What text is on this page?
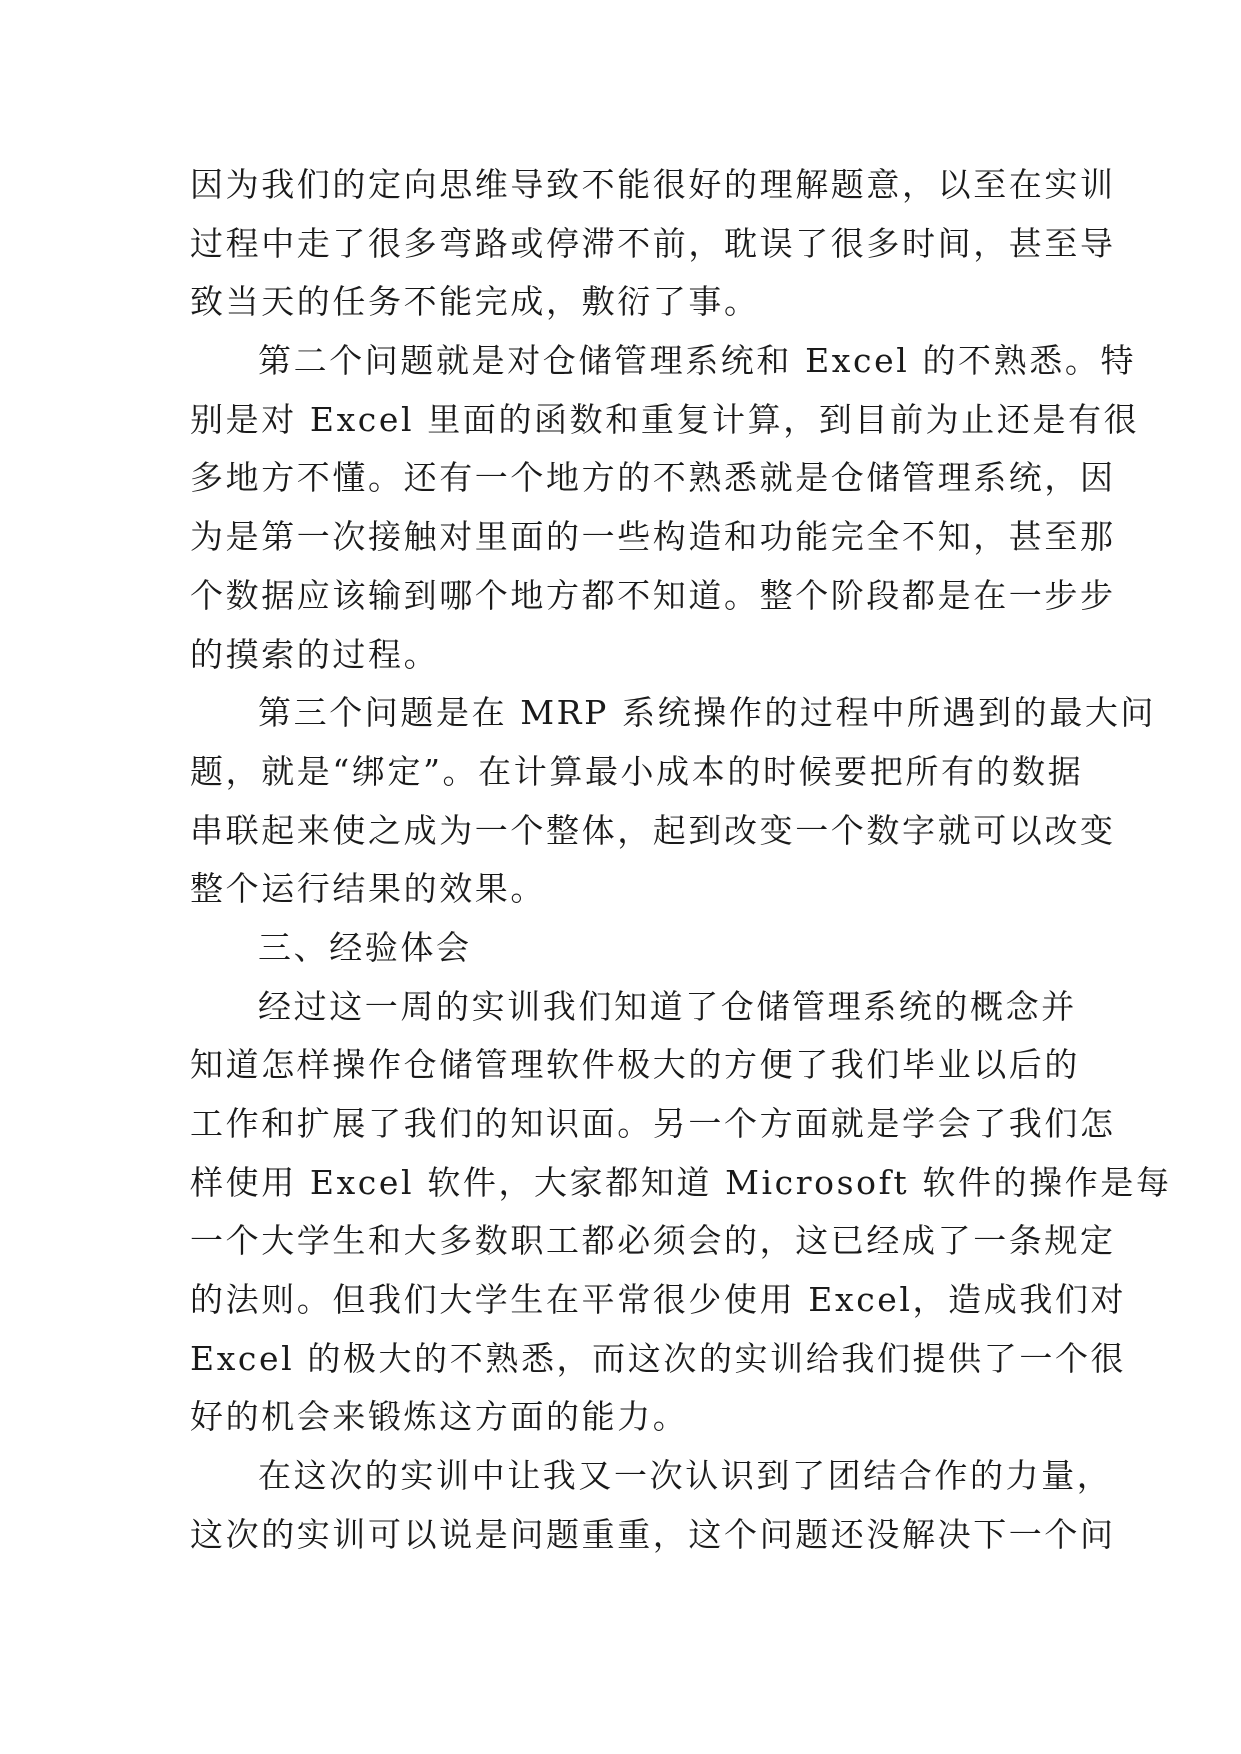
因为我们的定向思维导致不能很好的理解题意，以至在实训
过程中走了很多弯路或停滞不前，耽误了很多时间，甚至导
致当天的任务不能完成，敷衍了事。
第二个问题就是对仓储管理系统和 Excel 的不熟悉。特
别是对 Excel 里面的函数和重复计算，到目前为止还是有很
多地方不懂。还有一个地方的不熟悉就是仓储管理系统，因
为是第一次接触对里面的一些构造和功能完全不知，甚至那
个数据应该输到哪个地方都不知道。整个阶段都是在一步步
的摸索的过程。
第三个问题是在 MRP 系统操作的过程中所遇到的最大问
题，就是“绑定”。在计算最小成本的时候要把所有的数据
串联起来使之成为一个整体，起到改变一个数字就可以改变
整个运行结果的效果。
三、经验体会
经过这一周的实训我们知道了仓储管理系统的概念并
知道怎样操作仓储管理软件极大的方便了我们毕业以后的
工作和扩展了我们的知识面。另一个方面就是学会了我们怎
样使用 Excel 软件，大家都知道 Microsoft 软件的操作是每
一个大学生和大多数职工都必须会的，这已经成了一条规定
的法则。但我们大学生在平常很少使用 Excel，造成我们对
Excel 的极大的不熟悉，而这次的实训给我们提供了一个很
好的机会来锻炼这方面的能力。
在这次的实训中让我又一次认识到了团结合作的力量，
这次的实训可以说是问题重重，这个问题还没解决下一个问
